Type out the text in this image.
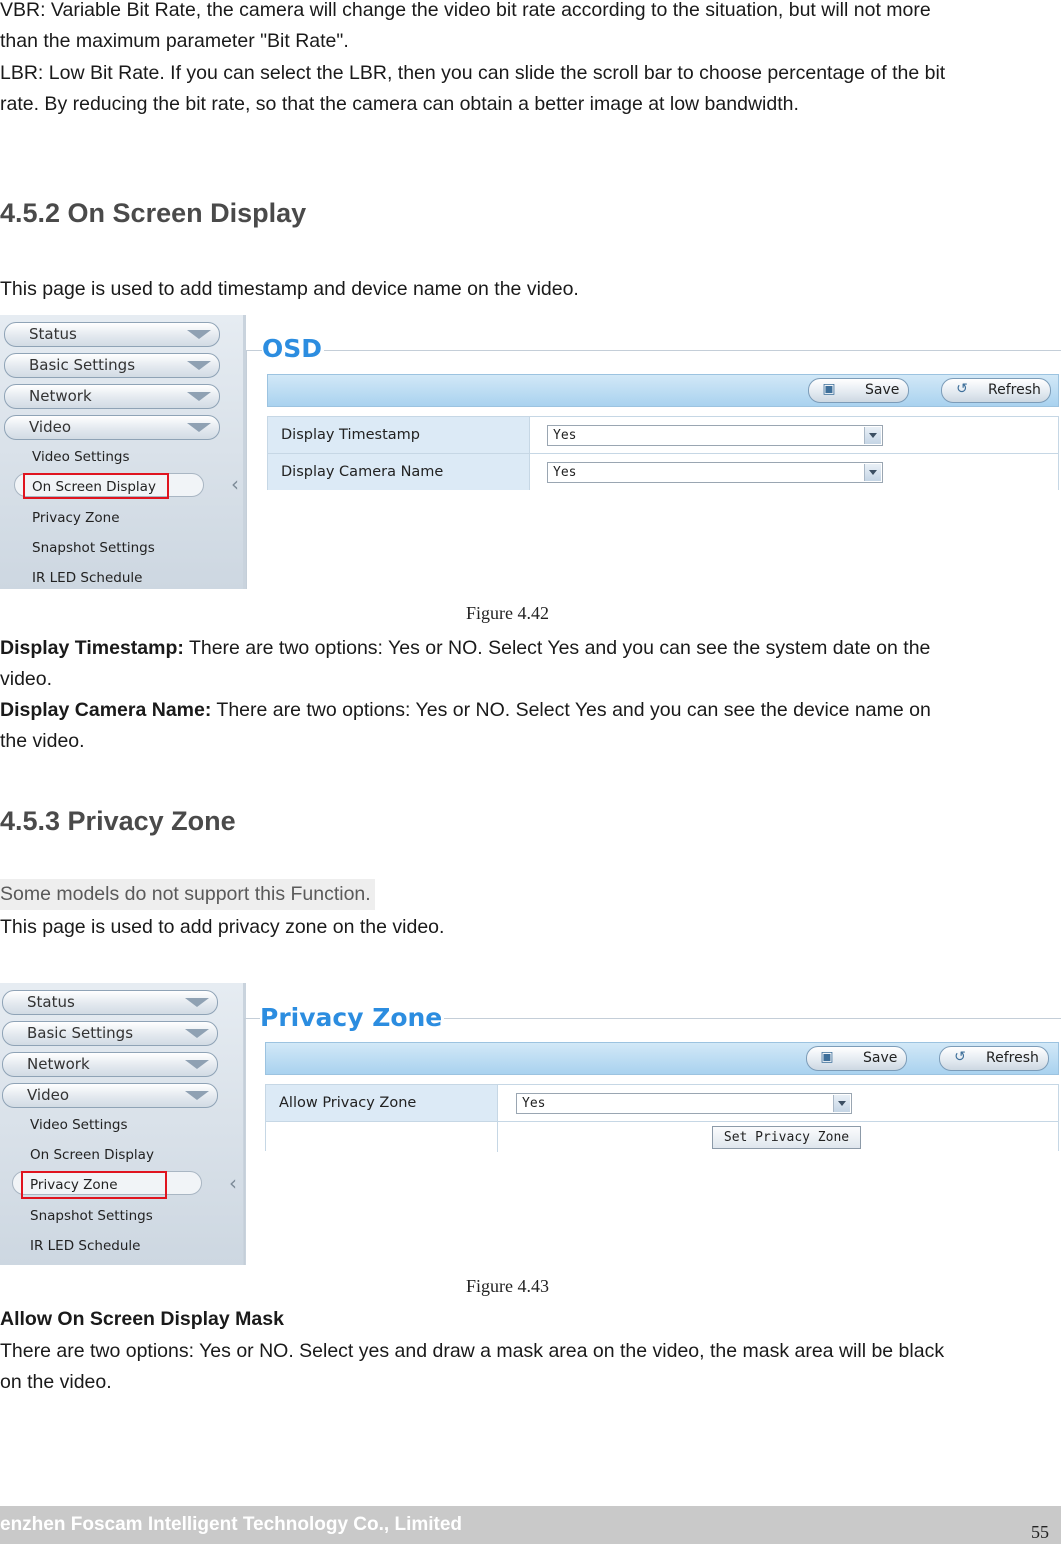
VBR: Variable Bit Rate, the camera will change the video bit rate according to the situation, but will not more

than the maximum parameter "Bit Rate".

LBR: Low Bit Rate. If you can select the LBR, then you can slide the scroll bar to choose percentage of the bit

rate. By reducing the bit rate, so that the camera can obtain a better image at low bandwidth.

4.5.2 On Screen Display

This page is used to add timestamp and device name on the video.

Status
Basic Settings
Network
Video
Video Settings
On Screen Display
Privacy Zone
Snapshot Settings
IR LED Schedule
‹
OSD
▣ Save	↺ Refresh
Display Timestamp	Yes
Display Camera Name	Yes
Figure 4.42

Display Timestamp: There are two options: Yes or NO. Select Yes and you can see the system date on the

video.

Display Camera Name: There are two options: Yes or NO. Select Yes and you can see the device name on

the video.

4.5.3 Privacy Zone

Some models do not support this Function.

This page is used to add privacy zone on the video.

Status
Basic Settings
Network
Video
Video Settings
On Screen Display
Privacy Zone
Snapshot Settings
IR LED Schedule
‹
Privacy Zone
▣ Save	↺ Refresh
Allow Privacy Zone	Yes
Set Privacy Zone
Figure 4.43

Allow On Screen Display Mask

There are two options: Yes or NO. Select yes and draw a mask area on the video, the mask area will be black

on the video.

enzhen Foscam Intelligent Technology Co., Limited	55
